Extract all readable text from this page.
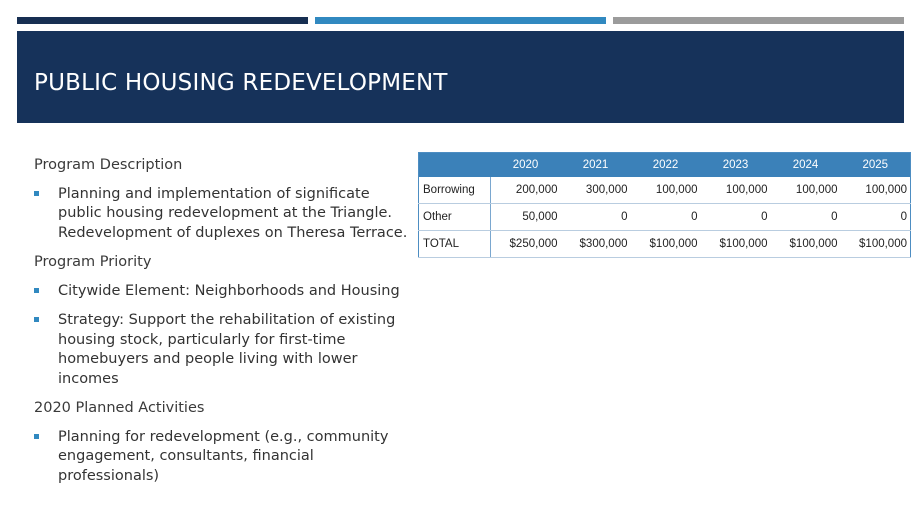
PUBLIC HOUSING REDEVELOPMENT

Program Description

Planning and implementation of significate public housing redevelopment at the Triangle. Redevelopment of duplexes on Theresa Terrace.

Program Priority

Citywide Element: Neighborhoods and Housing
Strategy: Support the rehabilitation of existing housing stock, particularly for first-time homebuyers and people living with lower incomes

2020 Planned Activities

Planning for redevelopment (e.g., community engagement, consultants, financial professionals)
	2020	2021	2022	2023	2024	2025
Borrowing	200,000	300,000	100,000	100,000	100,000	100,000
Other	50,000	0	0	0	0	0
TOTAL	$250,000	$300,000	$100,000	$100,000	$100,000	$100,000
